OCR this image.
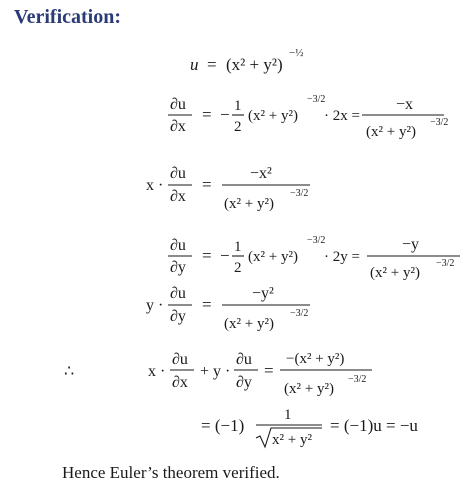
Verification:
u = (x² + y²)
−½
∂u
∂x
= − 1
2
(x² + y²)
−3/2
· 2x =
−x
(x² + y²)
−3/2
x ·
∂u
∂x
=
−x²
(x² + y²)
−3/2
∂u
∂y
= − 1
2
(x² + y²)
−3/2
· 2y =
−y
(x² + y²)
−3/2
y ·
∂u
∂y
=
−y²
(x² + y²)
−3/2
∴	x ·
∂u
∂x
+ y ·
∂u
∂y
=
−(x² + y²)
(x² + y²)
−3/2
= (−1)
1
x² + y²
= (−1)u = −u
Hence Euler’s theorem verified.
